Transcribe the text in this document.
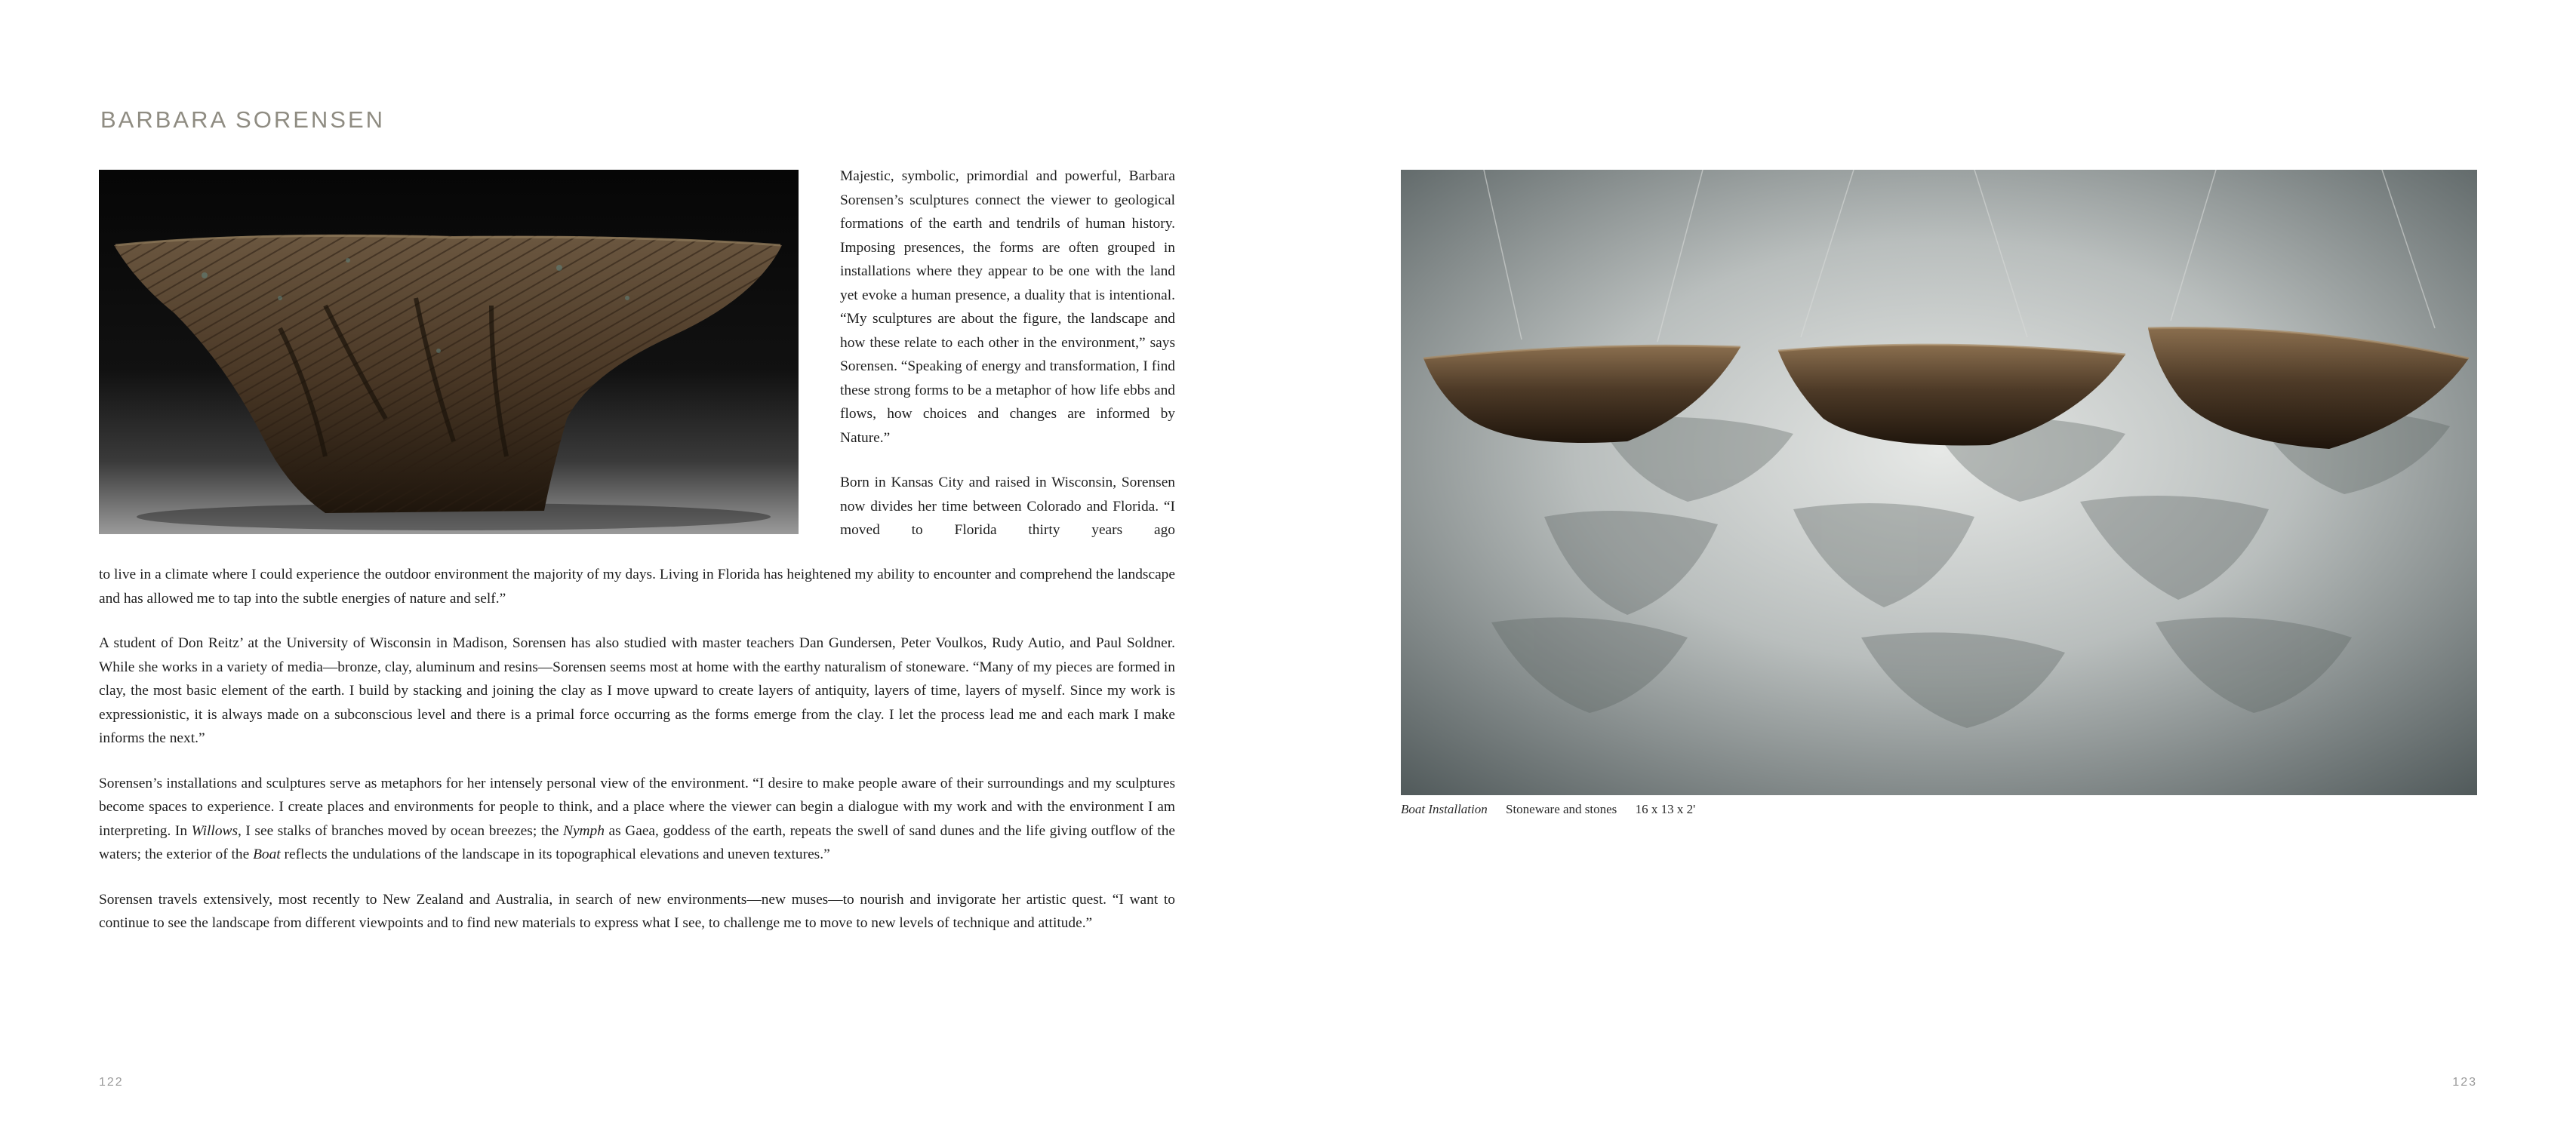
BARBARA SORENSEN

Majestic, symbolic, primordial and powerful, Barbara Sorensen’s sculptures connect the viewer to geological formations of the earth and tendrils of human history. Imposing presences, the forms are often grouped in installations where they appear to be one with the land yet evoke a human presence, a duality that is intentional. “My sculptures are about the figure, the landscape and how these relate to each other in the environment,” says Sorensen. “Speaking of energy and transformation, I find these strong forms to be a metaphor of how life ebbs and flows, how choices and changes are informed by Nature.”

Born in Kansas City and raised in Wisconsin, Sorensen now divides her time between Colorado and Florida. “I moved to Florida thirty years ago

to live in a climate where I could experience the outdoor environment the majority of my days. Living in Florida has heightened my ability to encounter and comprehend the landscape and has allowed me to tap into the subtle energies of nature and self.”

A student of Don Reitz’ at the University of Wisconsin in Madison, Sorensen has also studied with master teachers Dan Gundersen, Peter Voulkos, Rudy Autio, and Paul Soldner. While she works in a variety of media—bronze, clay, aluminum and resins—Sorensen seems most at home with the earthy naturalism of stoneware. “Many of my pieces are formed in clay, the most basic element of the earth. I build by stacking and joining the clay as I move upward to create layers of antiquity, layers of time, layers of myself. Since my work is expressionistic, it is always made on a subconscious level and there is a primal force occurring as the forms emerge from the clay. I let the process lead me and each mark I make informs the next.”

Sorensen’s installations and sculptures serve as metaphors for her intensely personal view of the environment. “I desire to make people aware of their surroundings and my sculptures become spaces to experience. I create places and environments for people to think, and a place where the viewer can begin a dialogue with my work and with the environment I am interpreting. In Willows, I see stalks of branches moved by ocean breezes; the Nymph as Gaea, goddess of the earth, repeats the swell of sand dunes and the life giving outflow of the waters; the exterior of the Boat reflects the undulations of the landscape in its topographical elevations and uneven textures.”

Sorensen travels extensively, most recently to New Zealand and Australia, in search of new environments—new muses—to nourish and invigorate her artistic quest. “I want to continue to see the landscape from different viewpoints and to find new materials to express what I see, to challenge me to move to new levels of technique and attitude.”

Boat Installation Stoneware and stones 16 x 13 x 2'
122	123
